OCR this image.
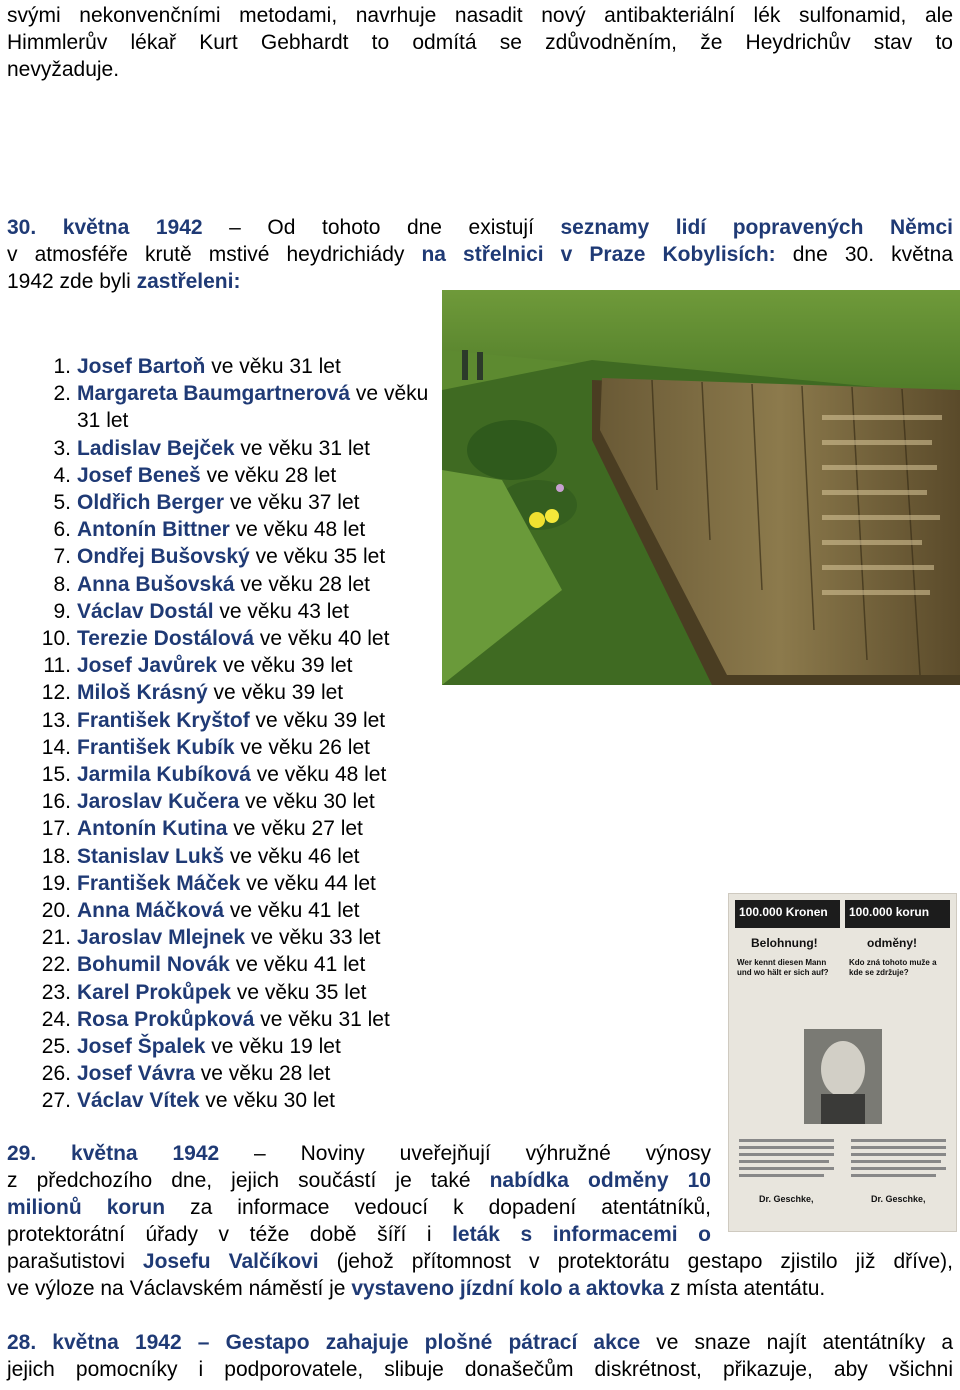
svými nekonvenčními metodami, navrhuje nasadit nový antibakteriální lék sulfonamid, ale
Himmlerův lékař Kurt Gebhardt to odmítá se zdůvodněním, že Heydrichův stav to
nevyžaduje.
30. května 1942 – Od tohoto dne existují seznamy lidí popravených Němci
v atmosféře krutě mstivé heydrichiády na střelnici v Praze Kobylisích: dne 30. května
1942 zde byli zastřeleni:
1. Josef Bartoň ve věku 31 let
2. Margareta Baumgartnerová ve věku 31 let
3. Ladislav Bejček ve věku 31 let
4. Josef Beneš ve věku 28 let
5. Oldřich Berger ve věku 37 let
6. Antonín Bittner ve věku 48 let
7. Ondřej Bušovský ve věku 35 let
8. Anna Bušovská ve věku 28 let
9. Václav Dostál ve věku 43 let
10. Terezie Dostálová ve věku 40 let
11. Josef Javůrek ve věku 39 let
12. Miloš Krásný ve věku 39 let
13. František Kryštof ve věku 39 let
14. František Kubík ve věku 26 let
15. Jarmila Kubíková ve věku 48 let
16. Jaroslav Kučera ve věku 30 let
17. Antonín Kutina ve věku 27 let
18. Stanislav Lukš ve věku 46 let
19. František Máček ve věku 44 let
20. Anna Máčková ve věku 41 let
21. Jaroslav Mlejnek ve věku 33 let
22. Bohumil Novák ve věku 41 let
23. Karel Prokůpek ve věku 35 let
24. Rosa Prokůpková ve věku 31 let
25. Josef Špalek ve věku 19 let
26. Josef Vávra ve věku 28 let
27. Václav Vítek ve věku 30 let
100.000 Kronen 100.000 korun
Belohnung!	odměny!
Wer kennt diesen Mann und wo hält er sich auf?
Kdo zná tohoto muže a kde se zdržuje?
Dr. Geschke,	Dr. Geschke,
29. května 1942 – Noviny uveřejňují výhružné výnosy
z předchozího dne, jejich součástí je také nabídka odměny 10
milionů korun za informace vedoucí k dopadení atentátníků,
protektorátní úřady v téže době šíří i leták s informacemi o
parašutistovi Josefu Valčíkovi (jehož přítomnost v protektorátu gestapo zjistilo již dříve),
ve výloze na Václavském náměstí je vystaveno jízdní kolo a aktovka z místa atentátu.
28. května 1942 – Gestapo zahajuje plošné pátrací akce ve snaze najít atentátníky a
jejich pomocníky i podporovatele, slibuje donašečům diskrétnost, přikazuje, aby všichni
